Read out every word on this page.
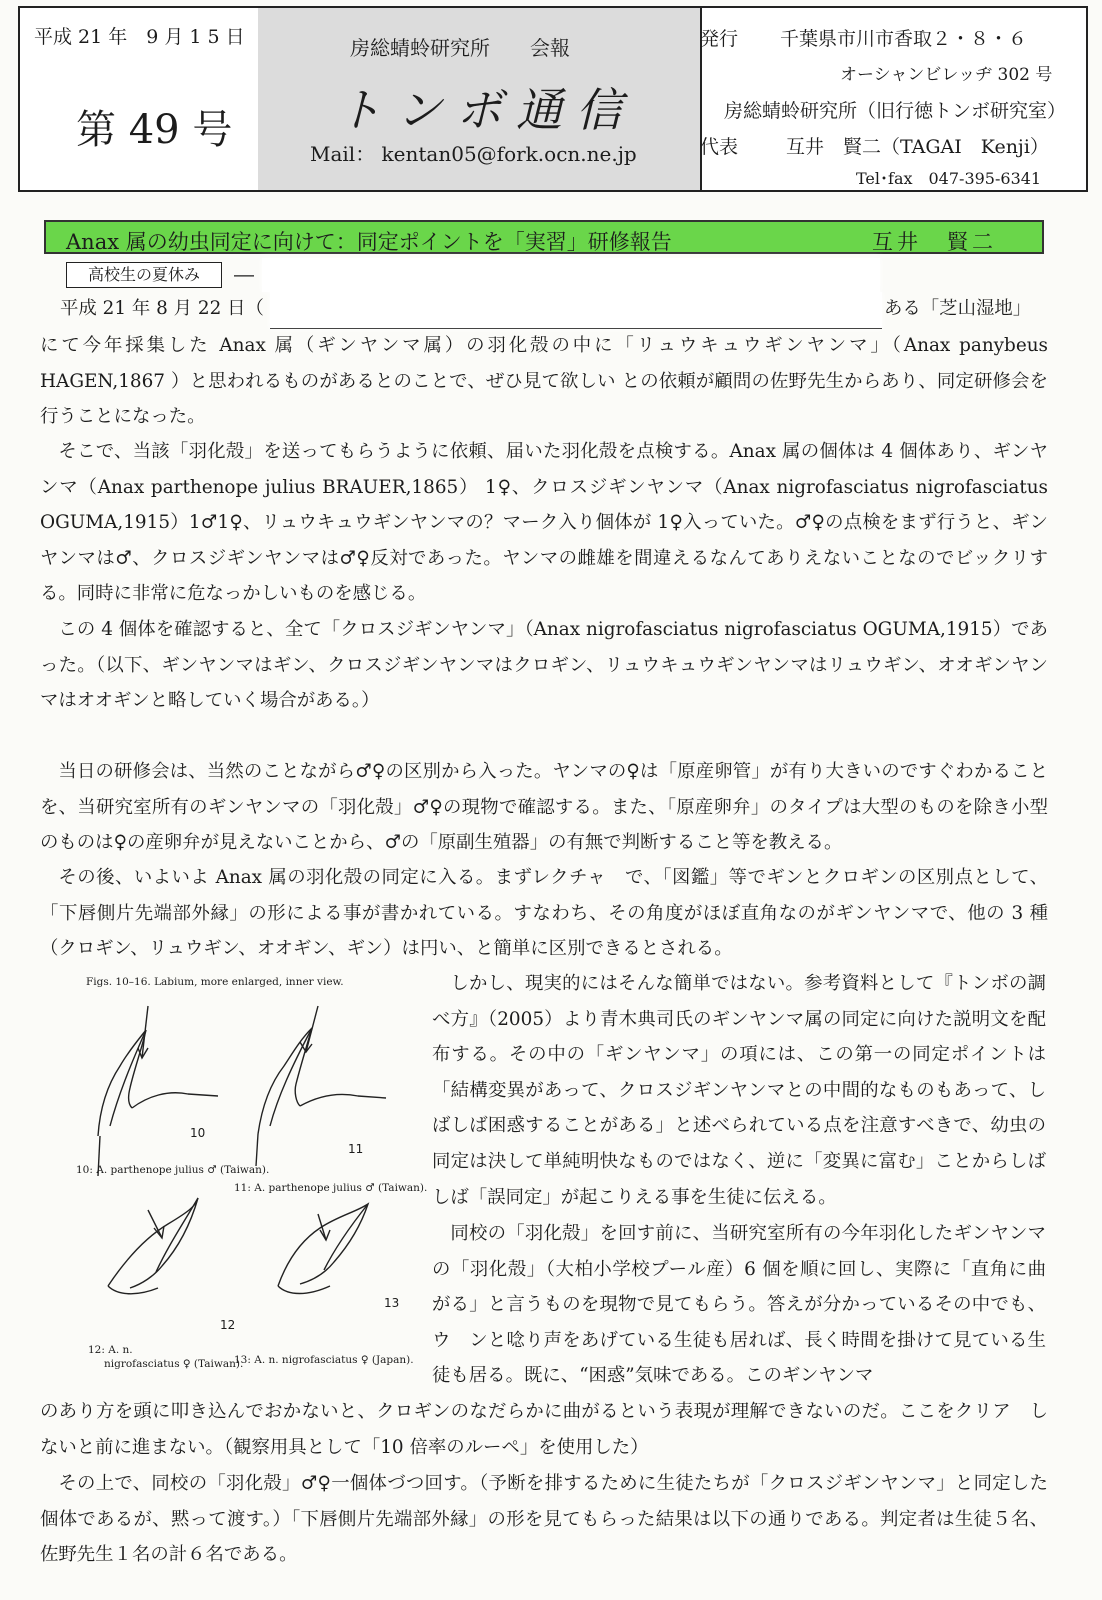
平成 21 年　9 月 1 5 日
第 49 号
房総蜻蛉研究所　　会報
トンボ通信
Mail： kentan05@fork.ocn.ne.jp
発行 千葉県市川市香取２・８・６
オーシャンビレッヂ 302 号
房総蜻蛉研究所（旧行徳トンボ研究室）
代表	互井　賢二（TAGAI　Kenji）
Tel･fax　047-395-6341
Anax 属の幼虫同定に向けて：同定ポイントを「実習」研修報告	互井　賢二
高校生の夏休み	―
平成 21 年 8 月 22 日（	ある「芝山湿地」

にて今年採集した Anax 属（ギンヤンマ属）の羽化殻の中に「リュウキュウギンヤンマ」（Anax panybeus HAGEN,1867 ）と思われるものがあるとのことで、ぜひ見て欲しい との依頼が顧問の佐野先生からあり、同定研修会を行うことになった。

そこで、当該「羽化殻」を送ってもらうように依頼、届いた羽化殻を点検する。Anax 属の個体は 4 個体あり、ギンヤンマ（Anax parthenope julius BRAUER,1865） 1♀、クロスジギンヤンマ（Anax nigrofasciatus nigrofasciatus OGUMA,1915）1♂1♀、リュウキュウギンヤンマの？マーク入り個体が 1♀入っていた。♂♀の点検をまず行うと、ギンヤンマは♂、クロスジギンヤンマは♂♀反対であった。ヤンマの雌雄を間違えるなんてありえないことなのでビックリする。同時に非常に危なっかしいものを感じる。

この 4 個体を確認すると、全て「クロスジギンヤンマ」（Anax nigrofasciatus nigrofasciatus OGUMA,1915）であった。（以下、ギンヤンマはギン、クロスジギンヤンマはクロギン、リュウキュウギンヤンマはリュウギン、オオギンヤンマはオオギンと略していく場合がある。）

当日の研修会は、当然のことながら♂♀の区別から入った。ヤンマの♀は「原産卵管」が有り大きいのですぐわかることを、当研究室所有のギンヤンマの「羽化殻」♂♀の現物で確認する。また、「原産卵弁」のタイプは大型のものを除き小型のものは♀の産卵弁が見えないことから、♂の「原副生殖器」の有無で判断すること等を教える。

その後、いよいよ Anax 属の羽化殻の同定に入る。まずレクチャ　で、「図鑑」等でギンとクロギンの区別点として、「下唇側片先端部外縁」の形による事が書かれている。すなわち、その角度がほぼ直角なのがギンヤンマで、他の 3 種（クロギン、リュウギン、オオギン、ギン）は円い、と簡単に区別できるとされる。

Figs. 10–16. Labium, more enlarged, inner view.
10
11
10: A. parthenope julius ♂ (Taiwan).
11: A. parthenope julius ♂ (Taiwan).
12
13
12: A. n.
nigrofasciatus ♀ (Taiwan).
13: A. n. nigrofasciatus ♀ (Japan).

しかし、現実的にはそんな簡単ではない。参考資料として『トンボの調べ方』（2005）より青木典司氏のギンヤンマ属の同定に向けた説明文を配布する。その中の「ギンヤンマ」の項には、この第一の同定ポイントは「結構変異があって、クロスジギンヤンマとの中間的なものもあって、しばしば困惑することがある」と述べられている点を注意すべきで、幼虫の同定は決して単純明快なものではなく、逆に「変異に富む」ことからしばしば「誤同定」が起こりえる事を生徒に伝える。

同校の「羽化殻」を回す前に、当研究室所有の今年羽化したギンヤンマの「羽化殻」（大柏小学校プール産）6 個を順に回し、実際に「直角に曲がる」と言うものを現物で見てもらう。答えが分かっているその中でも、ウ　ンと唸り声をあげている生徒も居れば、長く時間を掛けて見ている生徒も居る。既に、“困惑”気味である。このギンヤンマ

のあり方を頭に叩き込んでおかないと、クロギンのなだらかに曲がるという表現が理解できないのだ。ここをクリア　しないと前に進まない。（観察用具として「10 倍率のルーペ」を使用した）

その上で、同校の「羽化殻」♂♀一個体づつ回す。（予断を排するために生徒たちが「クロスジギンヤンマ」と同定した個体であるが、黙って渡す。）「下唇側片先端部外縁」の形を見てもらった結果は以下の通りである。判定者は生徒５名、佐野先生１名の計６名である。
